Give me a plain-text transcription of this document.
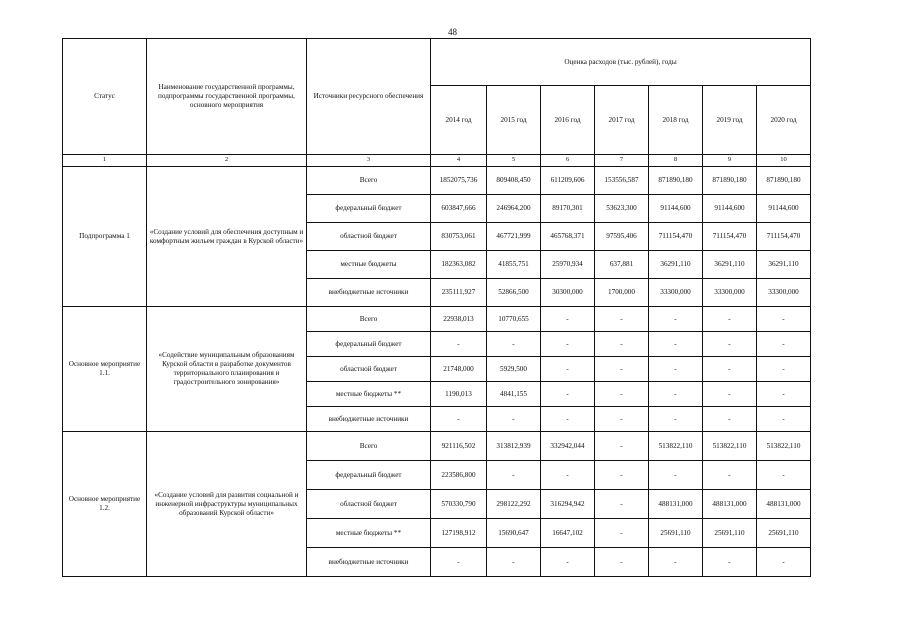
48
Статус	Наименование государственной программы, подпрограммы государственной программы, основного мероприятия	Источники ресурсного обеспечения	Оценка расходов (тыс. рублей), годы						
			2014 год	2015 год	2016 год	2017 год	2018 год	2019 год	2020 год
1	2	3	4	5	6	7	8	9	10
Подпрограмма 1	«Создание условий для обеспечения доступным и комфортным жильем граждан в Курской области»	Всего	1852075,736	809408,450	611209,606	153556,587	871890,180	871890,180	871890,180
		федеральный бюджет	603847,666	246964,200	89170,301	53623,300	91144,600	91144,600	91144,600
		областной бюджет	830753,061	467721,999	465768,371	97595,406	711154,470	711154,470	711154,470
		местные бюджеты	182363,082	41855,751	25970,934	637,881	36291,110	36291,110	36291,110
		внебюджетные источники	235111,927	52866,500	30300,000	1700,000	33300,000	33300,000	33300,000
Основное мероприятие 1.1.	«Содействие муниципальным образованиям Курской области в разработке документов территориального планирования и градостроительного зонирования»	Всего	22938,013	10770,655	-	-	-	-	-
		федеральный бюджет	-	-	-	-	-	-	-
		областной бюджет	21748,000	5929,500	-	-	-	-	-
		местные бюджеты **	1190,013	4841,155	-	-	-	-	-
		внебюджетные источники	-	-	-	-	-	-	-
Основное мероприятие 1.2.	«Создание условий для развития социальной и инженерной инфраструктуры муниципальных образований Курской области»	Всего	921116,502	313812,939	332942,044	-	513822,110	513822,110	513822,110
		федеральный бюджет	223586,800	-	-	-	-	-	-
		областной бюджет	570330,790	298122,292	316294,942	-	488131,000	488131,000	488131,000
		местные бюджеты **	127198,912	15690,647	16647,102	-	25691,110	25691,110	25691,110
		внебюджетные источники	-	-	-	-	-	-	-
